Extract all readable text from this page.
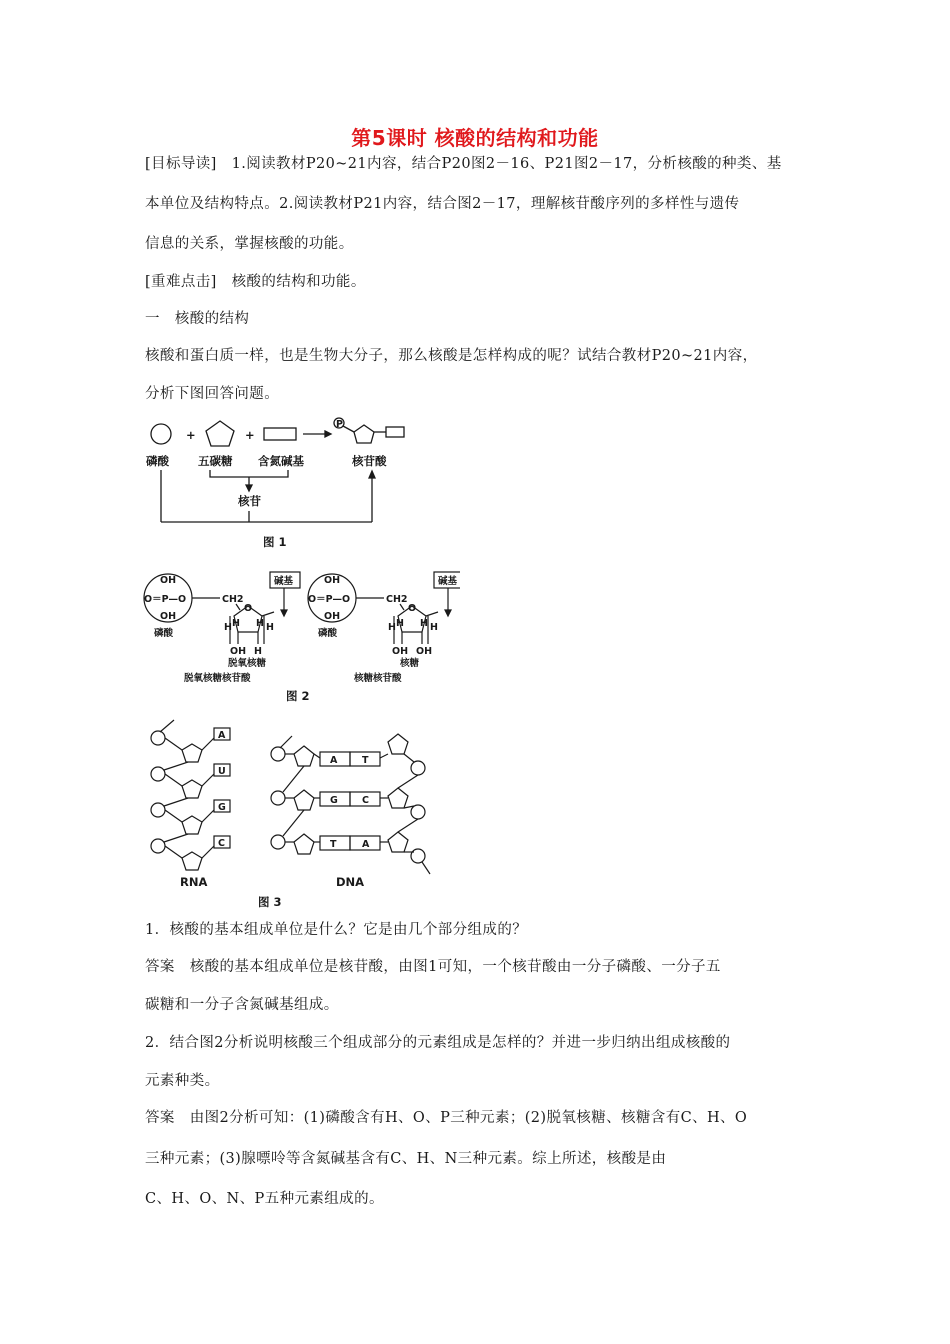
第5课时 核酸的结构和功能
[目标导读]　1.阅读教材P20~21内容，结合P20图2－16、P21图2－17，分析核酸的种类、基
本单位及结构特点。2.阅读教材P21内容，结合图2－17，理解核苷酸序列的多样性与遗传
信息的关系，掌握核酸的功能。
[重难点击]　核酸的结构和功能。
一　核酸的结构
核酸和蛋白质一样，也是生物大分子，那么核酸是怎样构成的呢？试结合教材P20~21内容，
分析下图回答问题。
+	+
P
磷酸	五碳糖 含氮碱基	核苷酸
核苷
图 1
OH
O＝P—O
OH
CH2
O
碱基
H H H H
OH H
磷酸
脱氧核糖
脱氧核糖核苷酸
OH
O＝P—O
OH
CH2
O
碱基
H H H H
OH OH
磷酸
核糖
核糖核苷酸
图 2
A
U
G
C
RNA
A
G
T
T
C
A
DNA
图 3
1．核酸的基本组成单位是什么？它是由几个部分组成的？
答案　核酸的基本组成单位是核苷酸，由图1可知，一个核苷酸由一分子磷酸、一分子五
碳糖和一分子含氮碱基组成。
2．结合图2分析说明核酸三个组成部分的元素组成是怎样的？并进一步归纳出组成核酸的
元素种类。
答案　由图2分析可知：(1)磷酸含有H、O、P三种元素；(2)脱氧核糖、核糖含有C、H、O
三种元素；(3)腺嘌呤等含氮碱基含有C、H、N三种元素。综上所述，核酸是由
C、H、O、N、P五种元素组成的。
